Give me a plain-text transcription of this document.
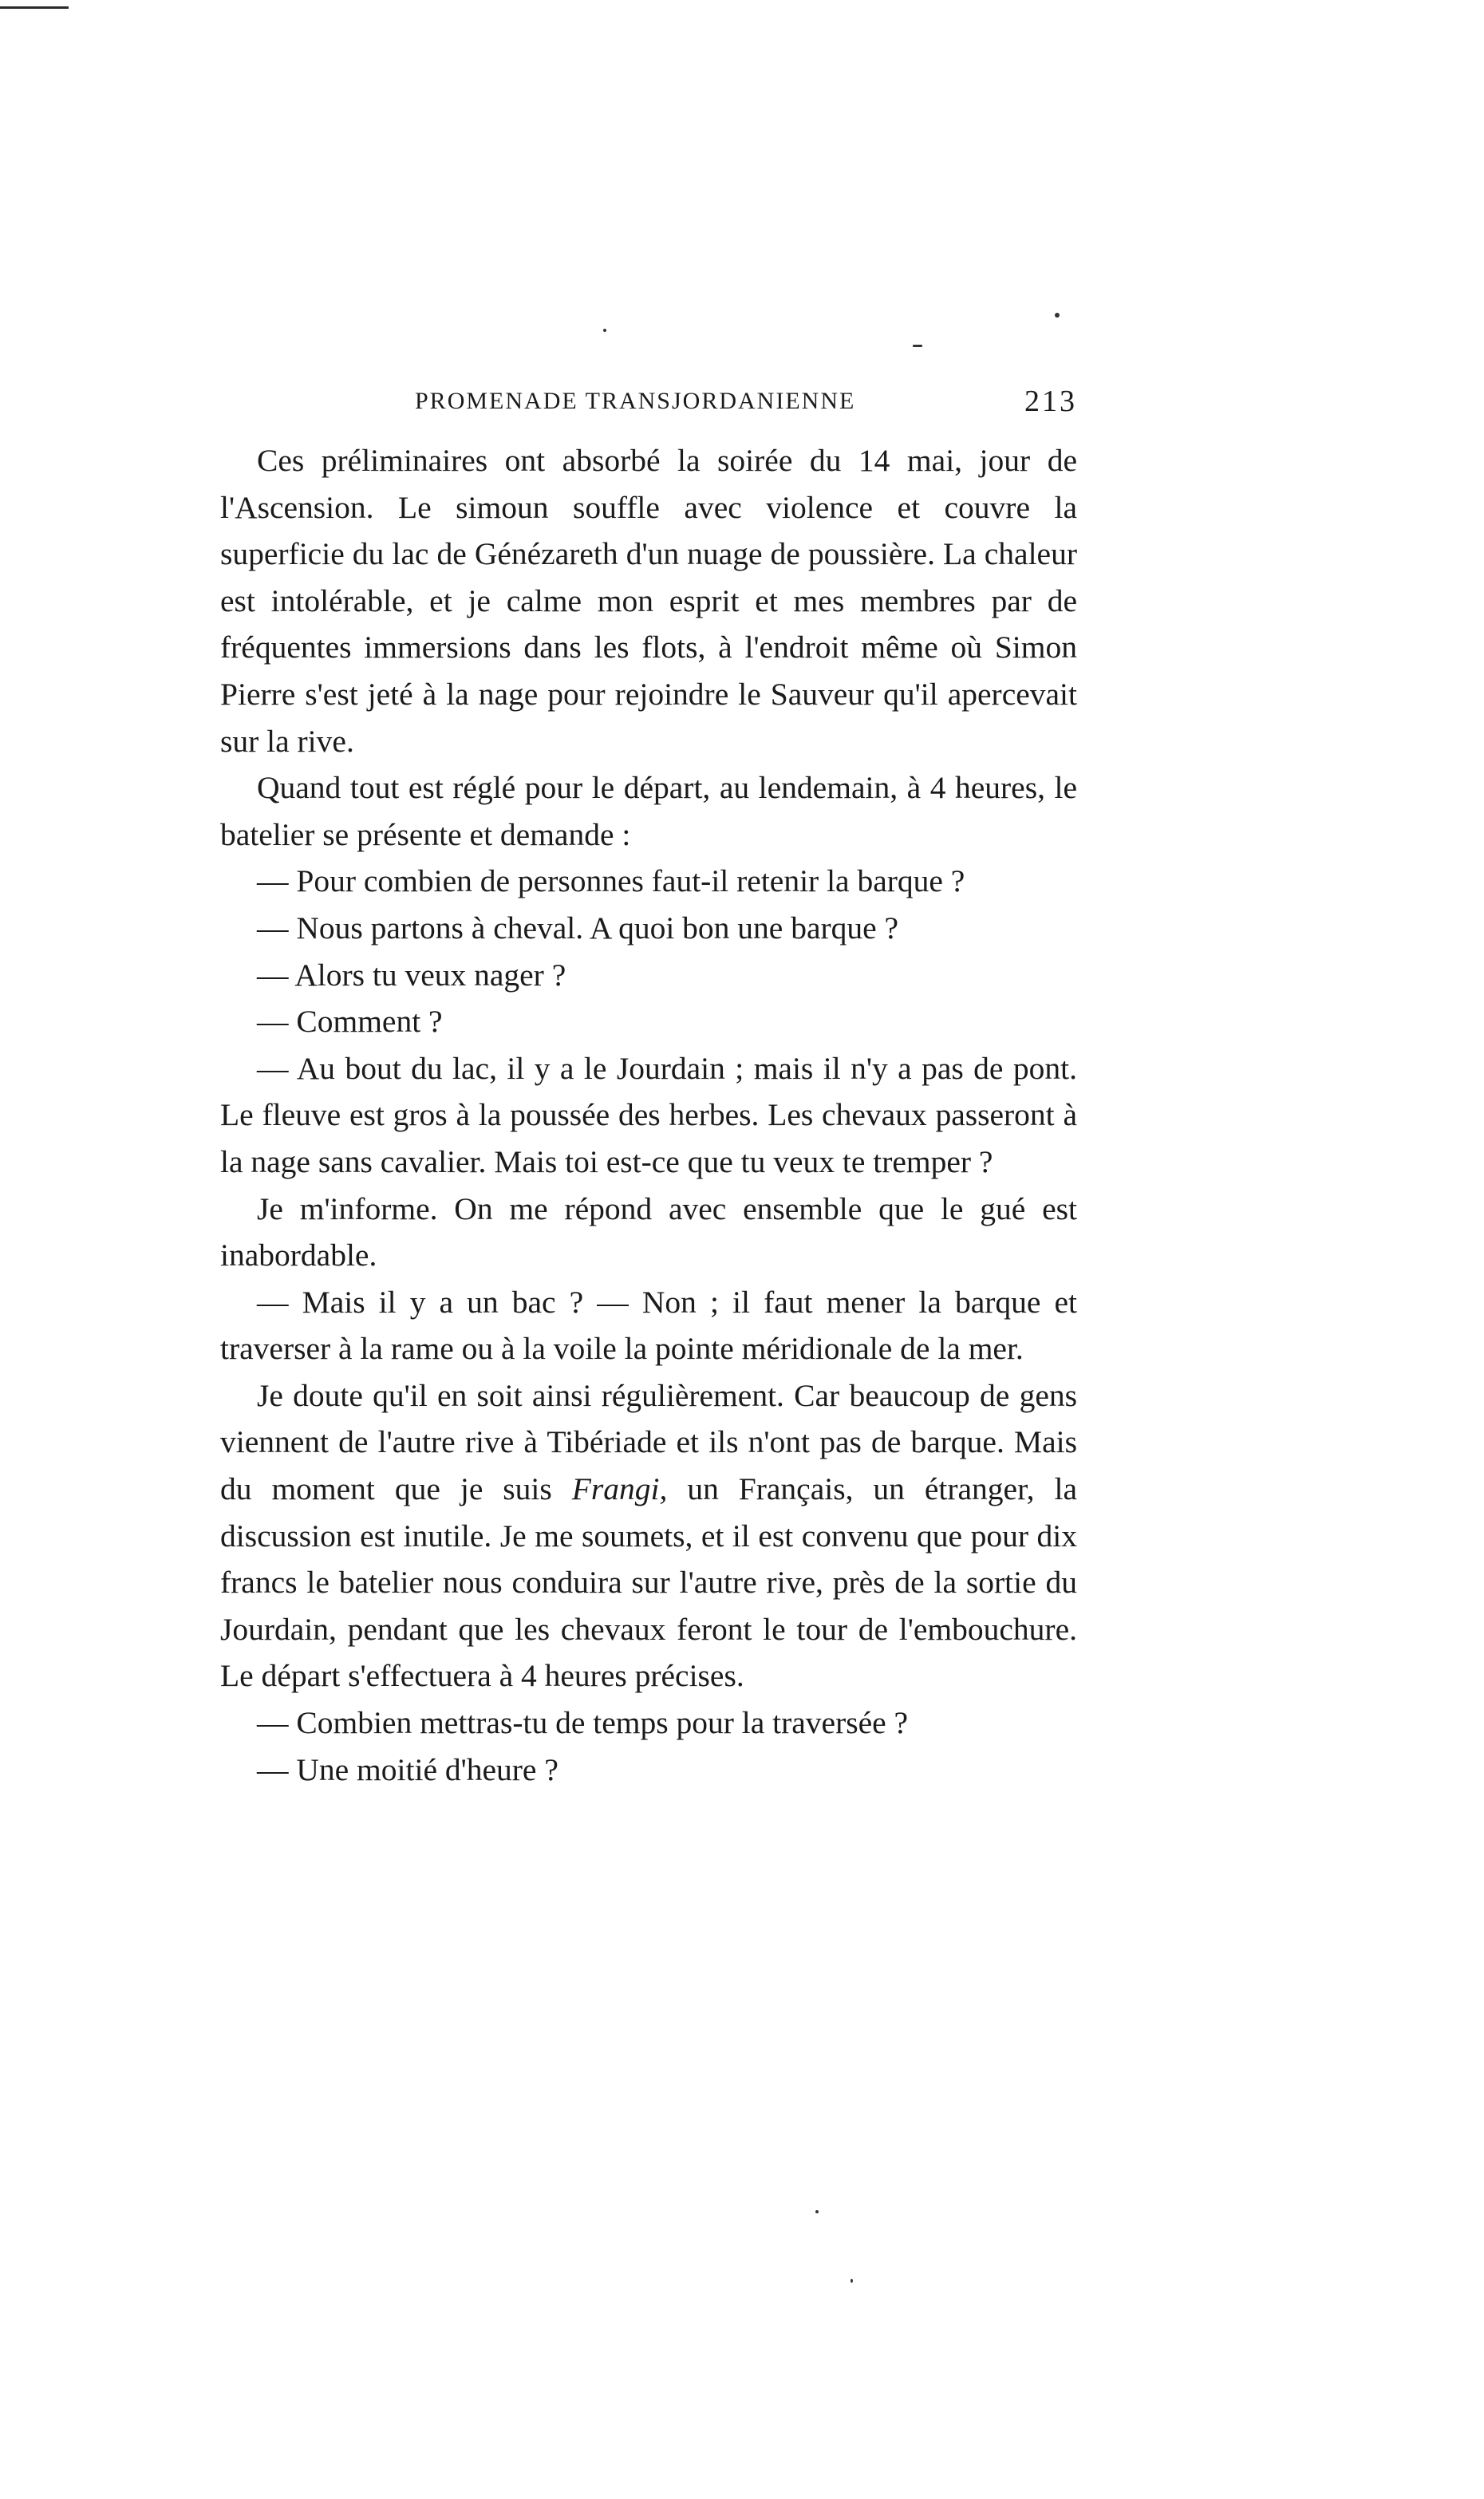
PROMENADE TRANSJORDANIENNE	213

Ces préliminaires ont absorbé la soirée du 14 mai, jour de l'Ascension. Le simoun souffle avec violence et couvre la superficie du lac de Génézareth d'un nuage de poussière. La chaleur est intolérable, et je calme mon esprit et mes membres par de fréquentes immersions dans les flots, à l'endroit même où Simon Pierre s'est jeté à la nage pour rejoindre le Sauveur qu'il apercevait sur la rive.

Quand tout est réglé pour le départ, au lendemain, à 4 heures, le batelier se présente et demande :

— Pour combien de personnes faut-il retenir la barque ?

— Nous partons à cheval. A quoi bon une barque ?

— Alors tu veux nager ?

— Comment ?

— Au bout du lac, il y a le Jourdain ; mais il n'y a pas de pont. Le fleuve est gros à la poussée des herbes. Les chevaux passeront à la nage sans cavalier. Mais toi est-ce que tu veux te tremper ?

Je m'informe. On me répond avec ensemble que le gué est inabordable.

— Mais il y a un bac ? — Non ; il faut mener la barque et traverser à la rame ou à la voile la pointe méridionale de la mer.

Je doute qu'il en soit ainsi régulièrement. Car beaucoup de gens viennent de l'autre rive à Tibériade et ils n'ont pas de barque. Mais du moment que je suis Frangi, un Français, un étranger, la discussion est inutile. Je me soumets, et il est convenu que pour dix francs le batelier nous conduira sur l'autre rive, près de la sortie du Jourdain, pendant que les chevaux feront le tour de l'embouchure. Le départ s'effectuera à 4 heures précises.

— Combien mettras-tu de temps pour la traversée ?

— Une moitié d'heure ?
